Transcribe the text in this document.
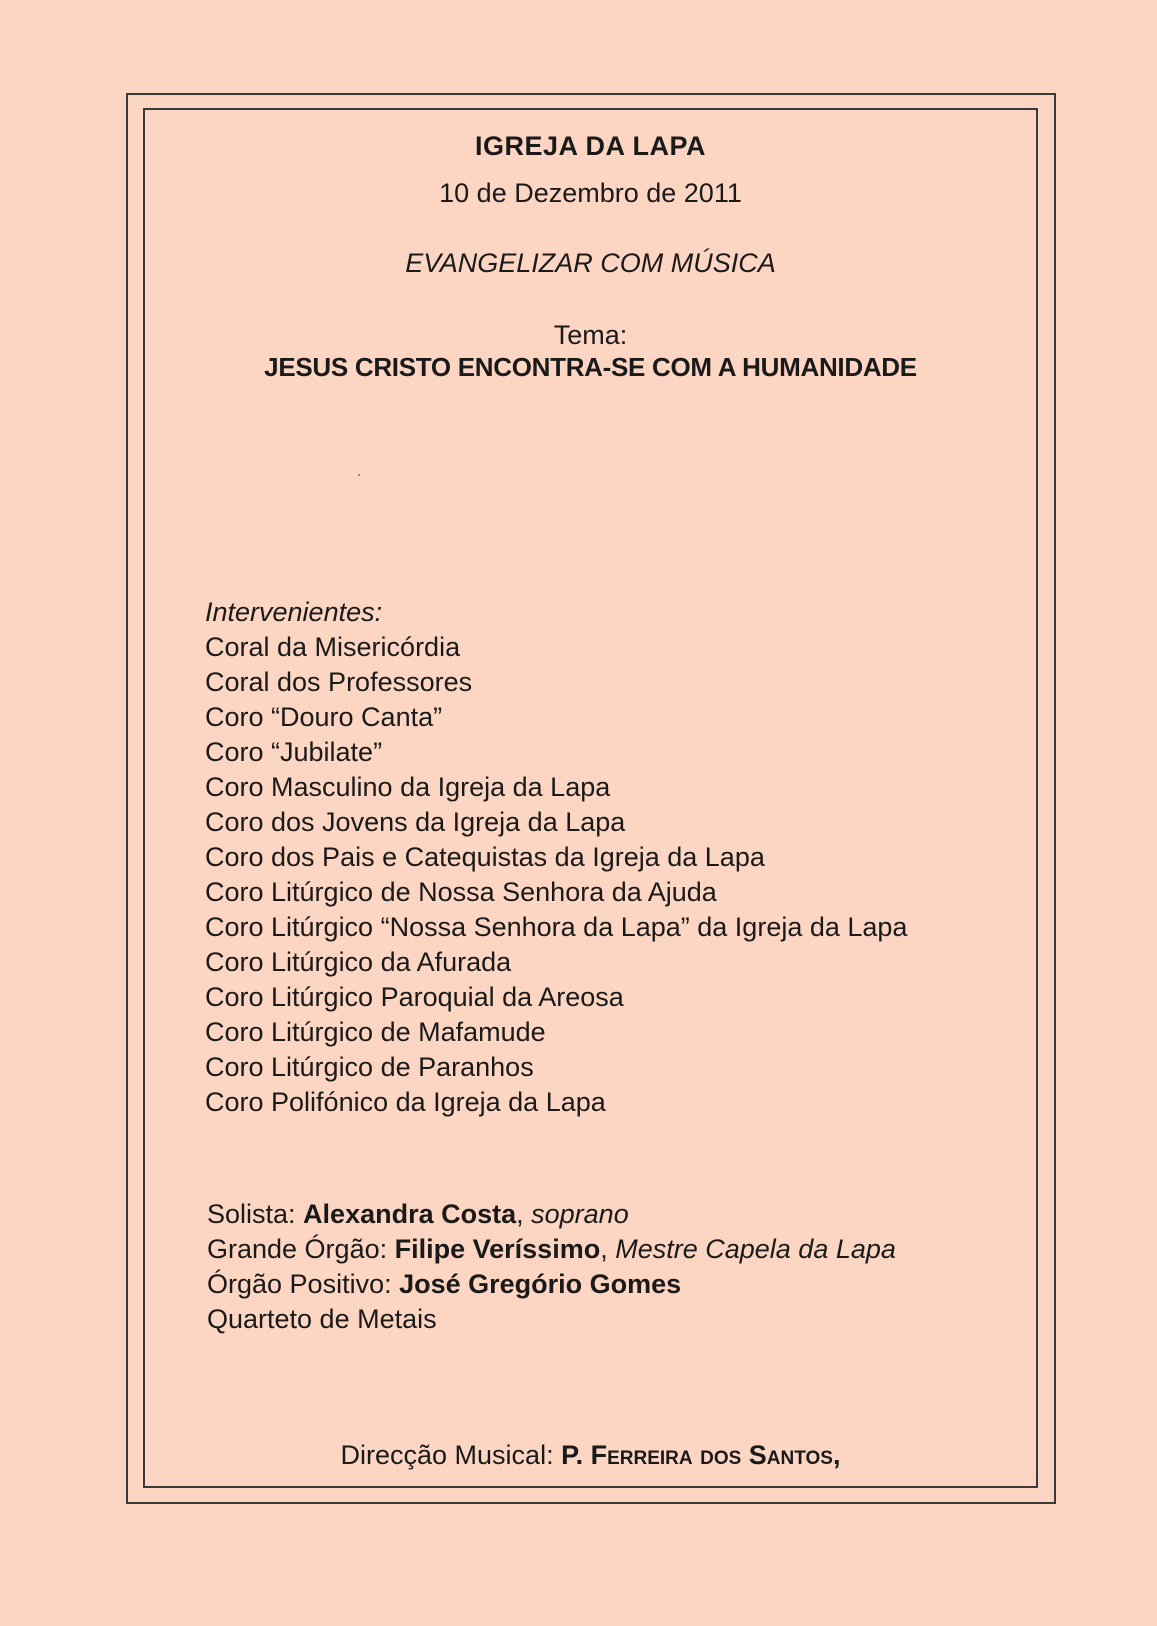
IGREJA DA LAPA
10 de Dezembro de 2011
EVANGELIZAR COM MÚSICA
Tema:
JESUS CRISTO ENCONTRA-SE COM A HUMANIDADE
Intervenientes:
Coral da Misericórdia
Coral dos Professores
Coro “Douro Canta”
Coro “Jubilate”
Coro Masculino da Igreja da Lapa
Coro dos Jovens da Igreja da Lapa
Coro dos Pais e Catequistas da Igreja da Lapa
Coro Litúrgico de Nossa Senhora da Ajuda
Coro Litúrgico “Nossa Senhora da Lapa” da Igreja da Lapa
Coro Litúrgico da Afurada
Coro Litúrgico Paroquial da Areosa
Coro Litúrgico de Mafamude
Coro Litúrgico de Paranhos
Coro Polifónico da Igreja da Lapa
Solista: Alexandra Costa, soprano
Grande Órgão: Filipe Veríssimo, Mestre Capela da Lapa
Órgão Positivo: José Gregório Gomes
Quarteto de Metais
Direcção Musical: P. Ferreira dos Santos,
